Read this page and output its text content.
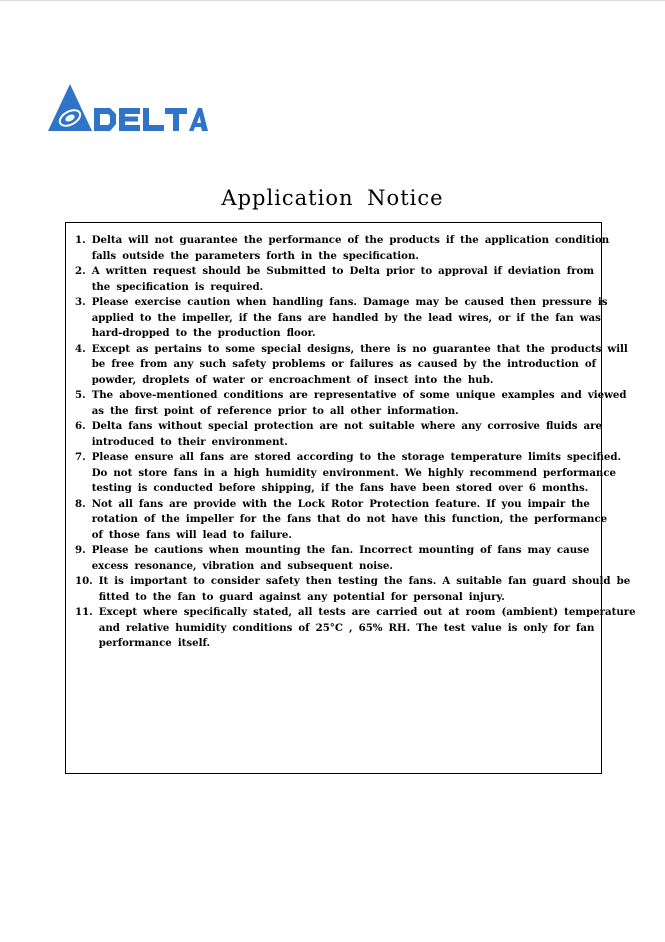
Application Notice
1. Delta will not guarantee the performance of the products if the application condition
falls outside the parameters forth in the specification.
2. A written request should be Submitted to Delta prior to approval if deviation from
the specification is required.
3. Please exercise caution when handling fans. Damage may be caused then pressure is
applied to the impeller, if the fans are handled by the lead wires, or if the fan was
hard-dropped to the production floor.
4. Except as pertains to some special designs, there is no guarantee that the products will
be free from any such safety problems or failures as caused by the introduction of
powder, droplets of water or encroachment of insect into the hub.
5. The above-mentioned conditions are representative of some unique examples and viewed
as the first point of reference prior to all other information.
6. Delta fans without special protection are not suitable where any corrosive fluids are
introduced to their environment.
7. Please ensure all fans are stored according to the storage temperature limits specified.
Do not store fans in a high humidity environment. We highly recommend performance
testing is conducted before shipping, if the fans have been stored over 6 months.
8. Not all fans are provide with the Lock Rotor Protection feature. If you impair the
rotation of the impeller for the fans that do not have this function, the performance
of those fans will lead to failure.
9. Please be cautions when mounting the fan. Incorrect mounting of fans may cause
excess resonance, vibration and subsequent noise.
10. It is important to consider safety then testing the fans. A suitable fan guard should be
fitted to the fan to guard against any potential for personal injury.
11. Except where specifically stated, all tests are carried out at room (ambient) temperature
and relative humidity conditions of 25°C , 65% RH. The test value is only for fan
performance itself.
